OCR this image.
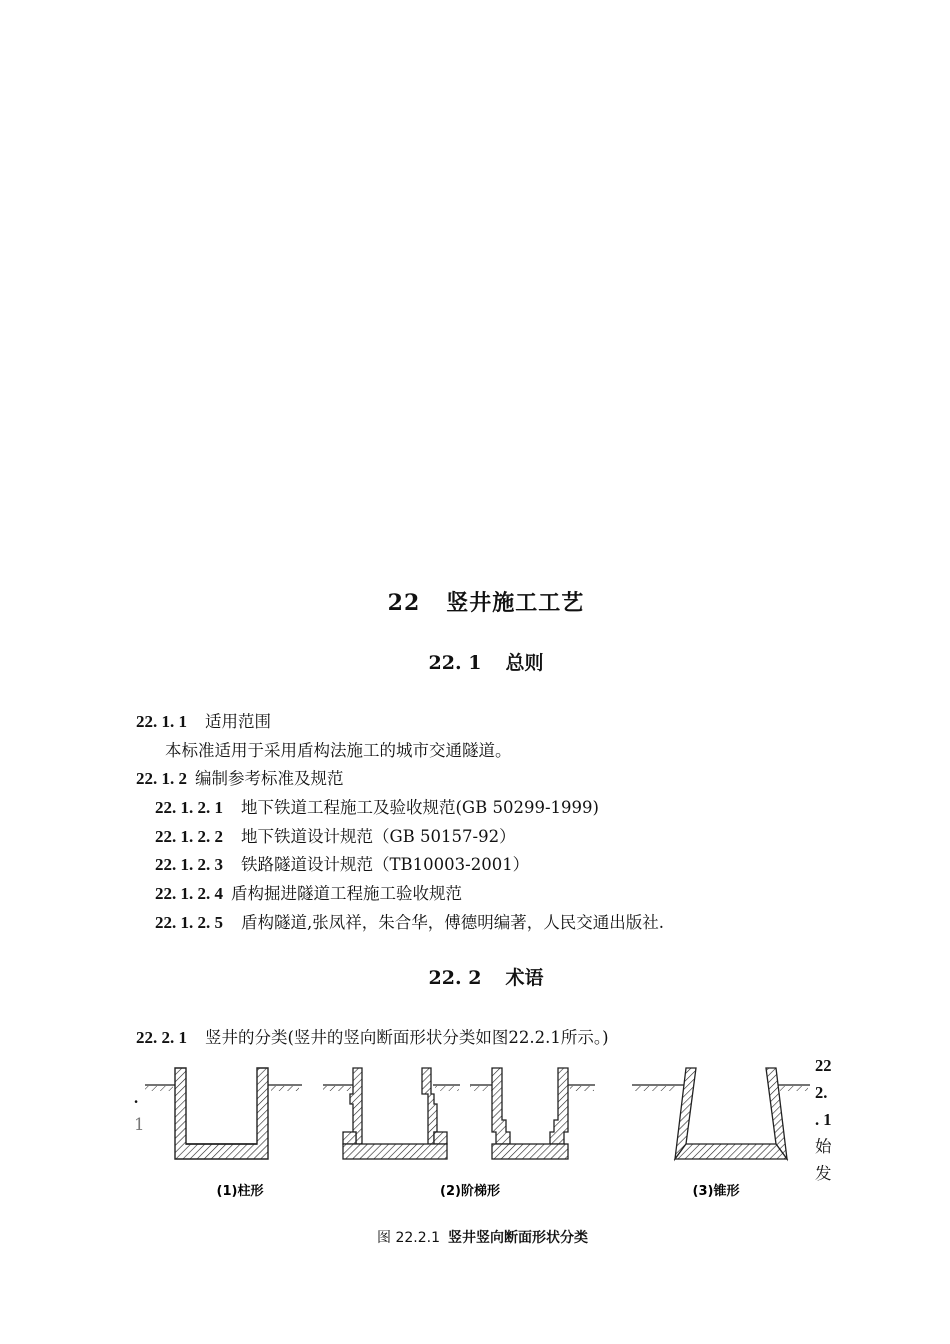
22 竖井施工工艺
22. 1 总则
22. 1. 1 适用范围
本标准适用于采用盾构法施工的城市交通隧道。
22. 1. 2 编制参考标准及规范
22. 1. 2. 1 地下铁道工程施工及验收规范(GB 50299-1999)
22. 1. 2. 2 地下铁道设计规范（GB 50157-92）
22. 1. 2. 3 铁路隧道设计规范（TB10003-2001）
22. 1. 2. 4 盾构掘进隧道工程施工验收规范
22. 1. 2. 5 盾构隧道,张凤祥，朱合华，傅德明编著，人民交通出版社.
22. 2 术语
22. 2. 1 竖井的分类(竖井的竖向断面形状分类如图22.2.1所示。)
.
1
22
2.
. 1
始
发
(1)柱形	(2)阶梯形	(3)锥形
图 22.2.1 竖井竖向断面形状分类
